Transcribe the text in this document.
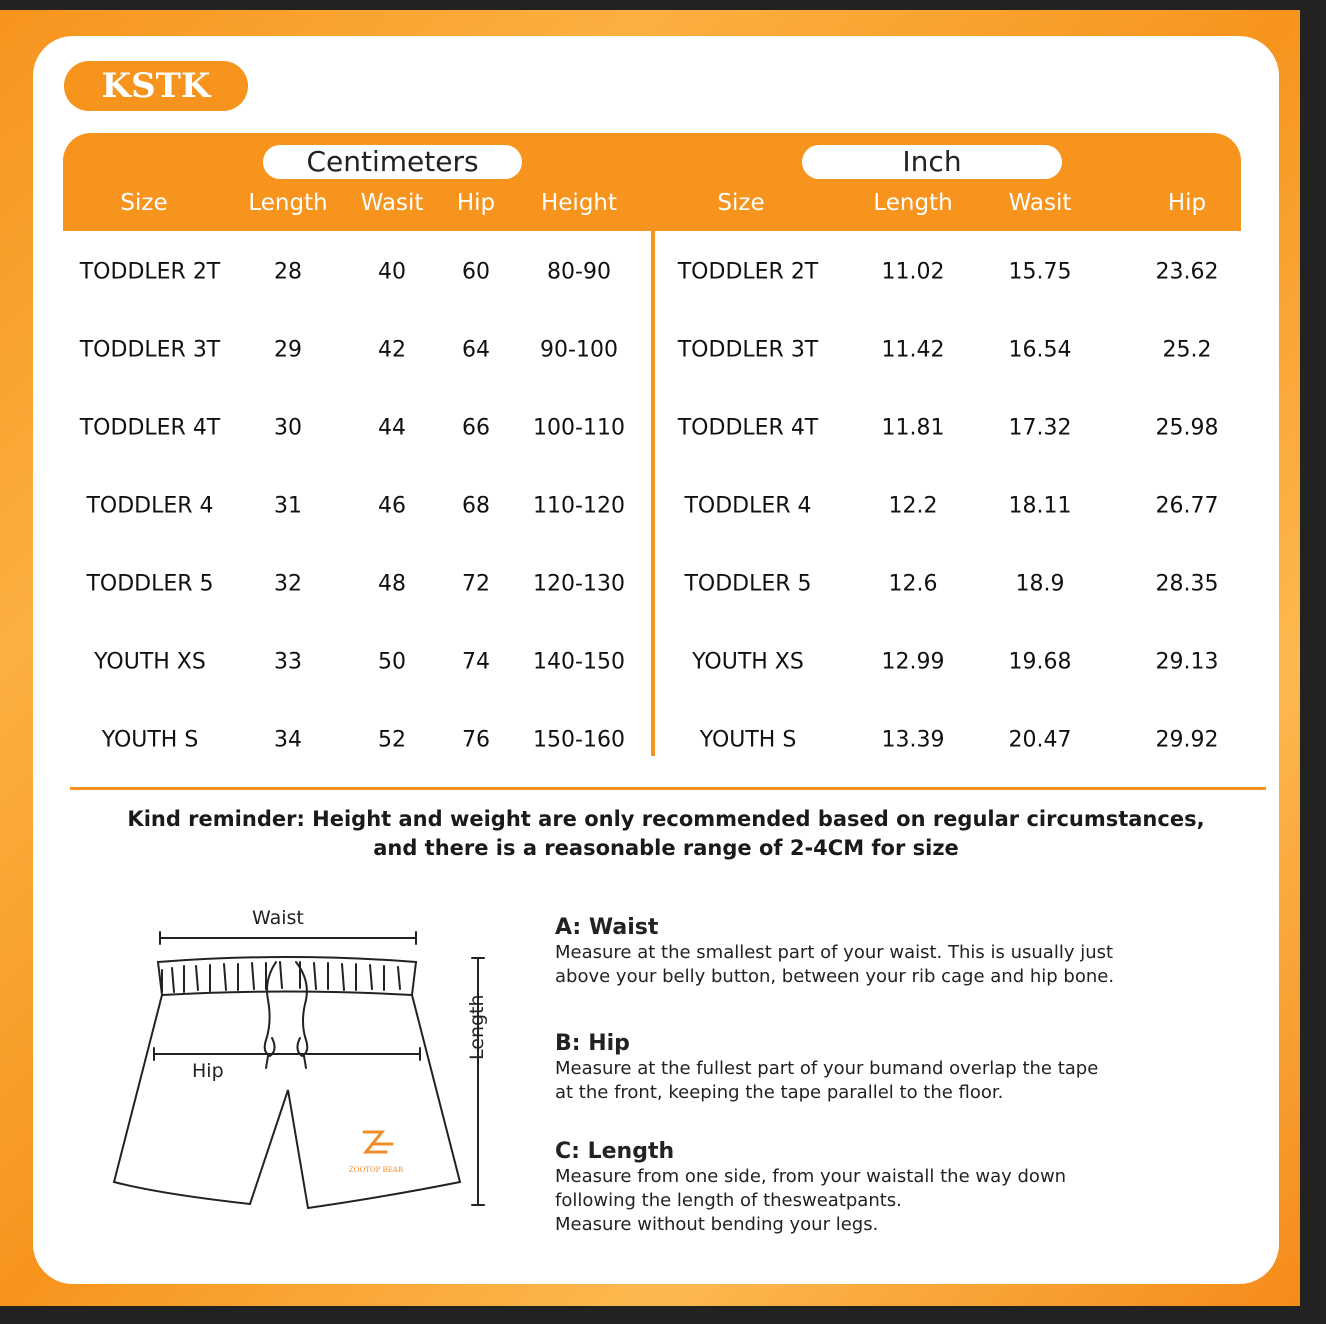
KSTK
Centimeters	Inch
Size	Length Wasit Hip Height	Size	Length Wasit	Hip
TODDLER 2T 28	40	60	80-90
TODDLER 3T 29	42	64 90-100
TODDLER 4T 30	44	66 100-110
TODDLER 4	31	46	68 110-120
TODDLER 5	32	48	72 120-130
YOUTH XS	33	50	74 140-150
YOUTH S	34	52	76 150-160
TODDLER 2T	11.02	15.75	23.62
TODDLER 3T	11.42	16.54	25.2
TODDLER 4T	11.81	17.32	25.98
TODDLER 4	12.2	18.11	26.77
TODDLER 5	12.6	18.9	28.35
YOUTH XS	12.99	19.68	29.13
YOUTH S	13.39	20.47	29.92
Kind reminder: Height and weight are only recommended based on regular circumstances,
and there is a reasonable range of 2-4CM for size
ZOOTOP BEAR
Waist
Hip
Length
A: Waist

Measure at the smallest part of your waist. This is usually just
above your belly button, between your rib cage and hip bone.

B: Hip

Measure at the fullest part of your bumand overlap the tape
at the front, keeping the tape parallel to the floor.

C: Length

Measure from one side, from your waistall the way down
following the length of thesweatpants.
Measure without bending your legs.
